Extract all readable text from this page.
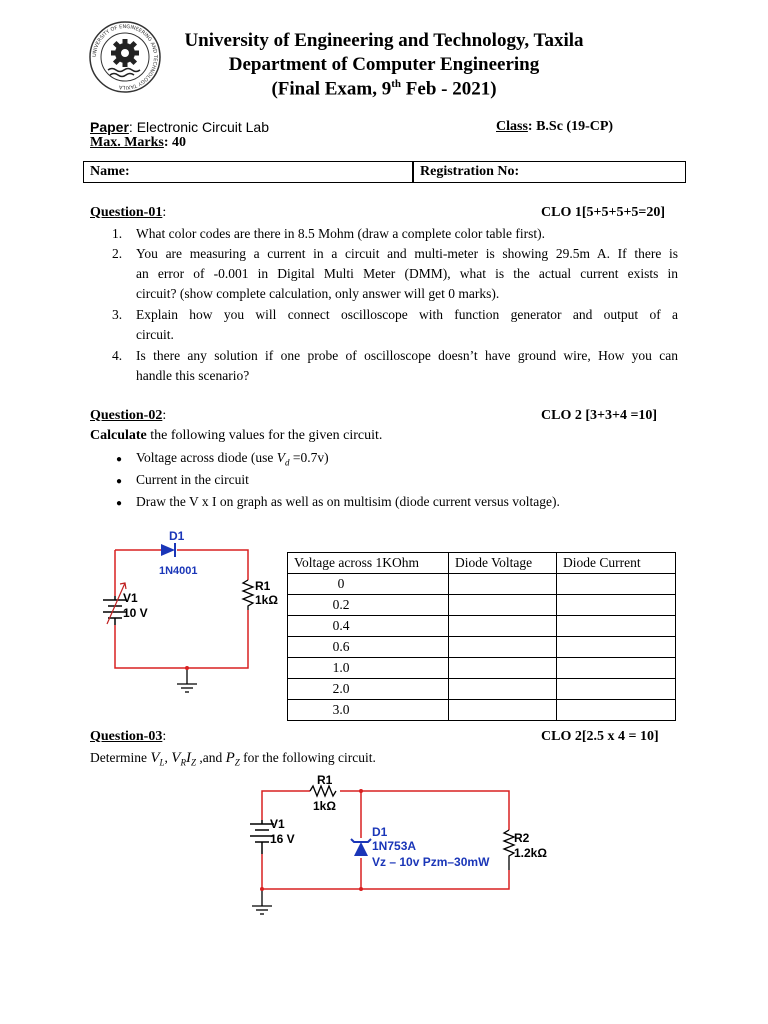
UNIVERSITY OF ENGINEERING AND TECHNOLOGY TAXILA
University of Engineering and Technology, Taxila
Department of Computer Engineering
(Final Exam, 9th Feb - 2021)
Paper: Electronic Circuit Lab
Max. Marks: 40
Class: B.Sc (19-CP)
Name:	Registration No:
Question-01:	CLO 1[5+5+5+5=20]
1. What color codes are there in 8.5 Mohm (draw a complete color table first).
2. You are measuring a current in a circuit and multi-meter is showing 29.5m A. If there is
an error of -0.001 in Digital Multi Meter (DMM), what is the actual current exists in
circuit? (show complete calculation, only answer will get 0 marks).
3. Explain how you will connect oscilloscope with function generator and output of a
circuit.
4. Is there any solution if one probe of oscilloscope doesn’t have ground wire, How you can
handle this scenario?
Question-02:	CLO 2 [3+3+4 =10]
Calculate the following values for the given circuit.
● Voltage across diode (use $V_d =0.7v$)
● Current in the circuit
● Draw the V x I on graph as well as on multisim (diode current versus voltage).
D1
1N4001
V1
10 V
R1
1kΩ
Voltage across 1KOhm	Diode Voltage	Diode Current
0		
0.2		
0.4		
0.6		
1.0		
2.0		
3.0		
Question-03:	CLO 2[2.5 x 4 = 10]
Determine $V_L$, $V_RI_Z$ ,and $P_Z$ for the following circuit.
R1
1kΩ
V1
16 V	D1
1N753A
Vz – 10v Pzm–30mW
R2
1.2kΩ
